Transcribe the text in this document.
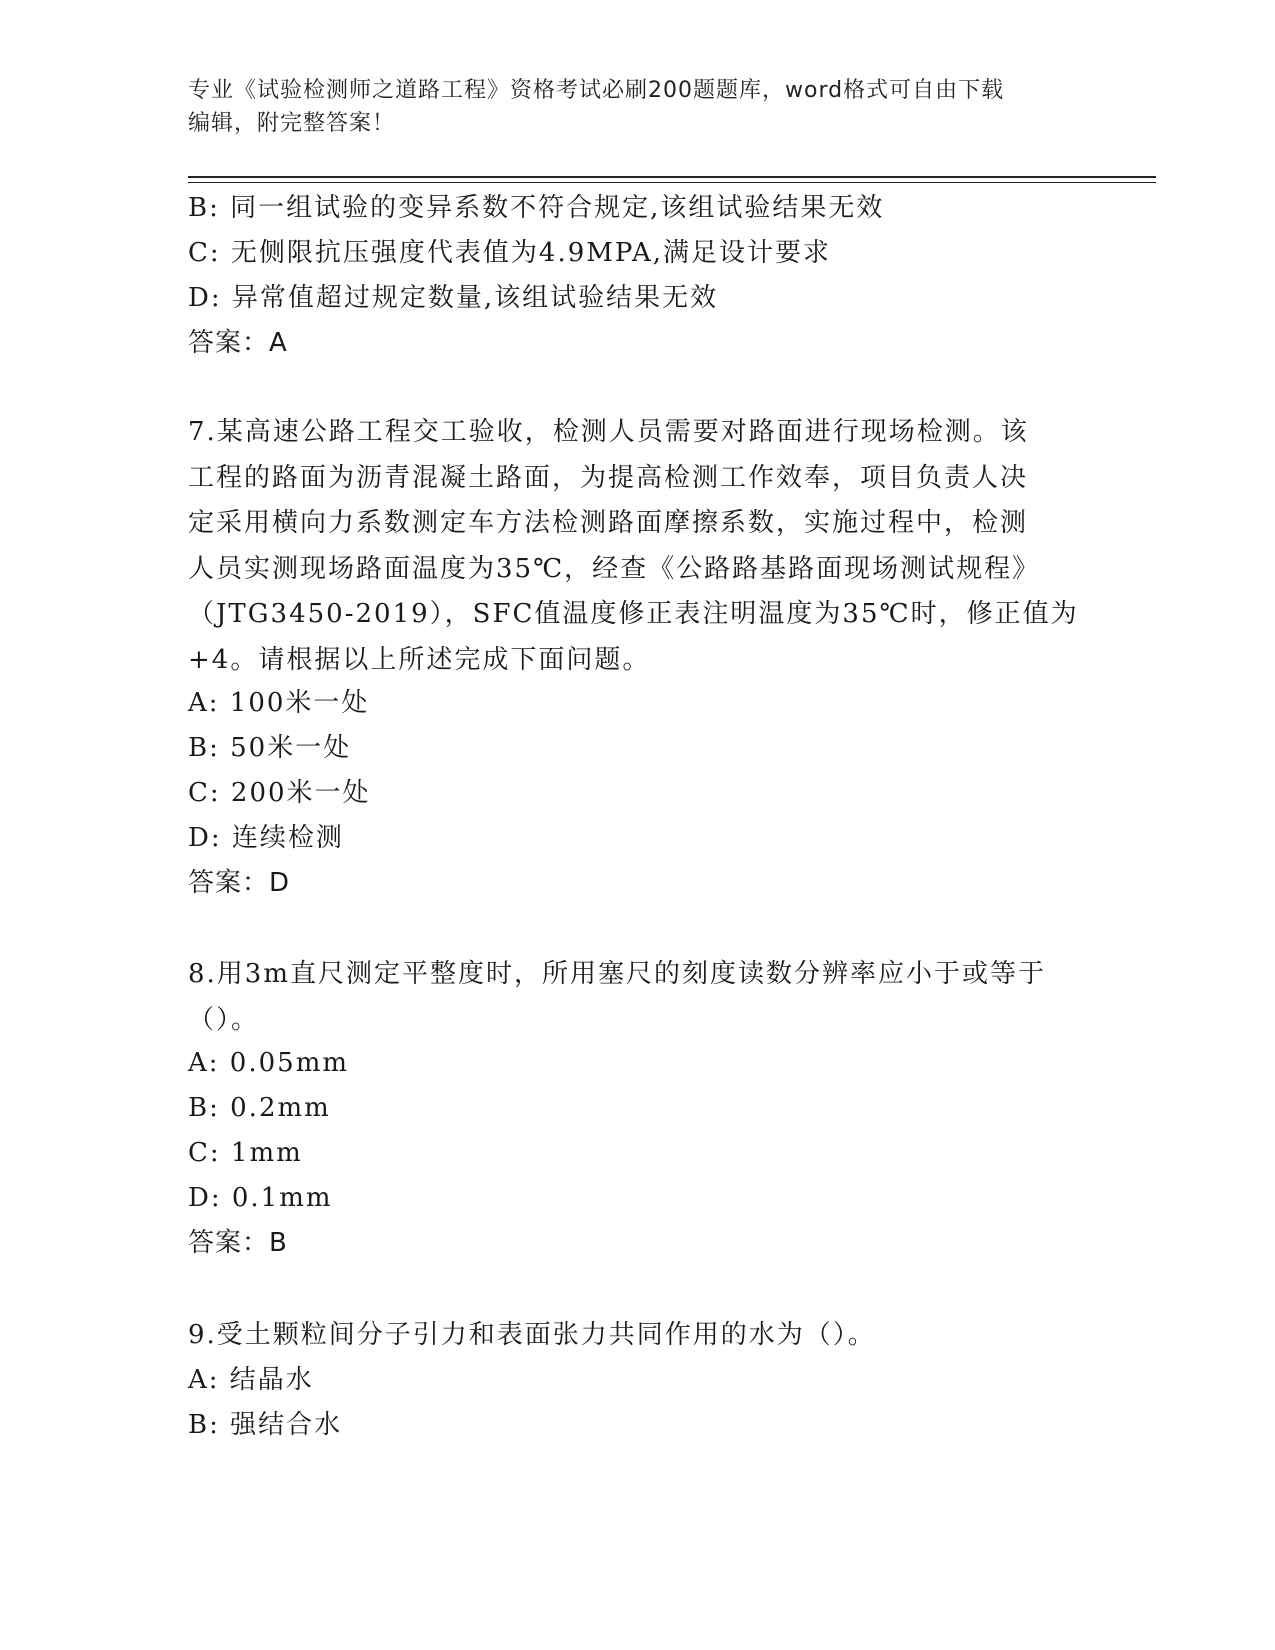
专业《试验检测师之道路工程》资格考试必刷200题题库，word格式可自由下载
编辑，附完整答案！
B: 同一组试验的变异系数不符合规定,该组试验结果无效
C: 无侧限抗压强度代表值为4.9MPA,满足设计要求
D: 异常值超过规定数量,该组试验结果无效
答案：A
7.某高速公路工程交工验收，检测人员需要对路面进行现场检测。该
工程的路面为沥青混凝土路面，为提高检测工作效奉，项目负责人决
定采用横向力系数测定车方法检测路面摩擦系数，实施过程中，检测
人员实测现场路面温度为35℃，经查《公路路基路面现场测试规程》
（JTG3450-2019），SFC值温度修正表注明温度为35℃时，修正值为
+4。请根据以上所述完成下面问题。
A: 100米一处
B: 50米一处
C: 200米一处
D: 连续检测
答案：D
8.用3m直尺测定平整度时，所用塞尺的刻度读数分辨率应小于或等于
（）。
A: 0.05mm
B: 0.2mm
C: 1mm
D: 0.1mm
答案：B
9.受土颗粒间分子引力和表面张力共同作用的水为（）。
A: 结晶水
B: 强结合水
